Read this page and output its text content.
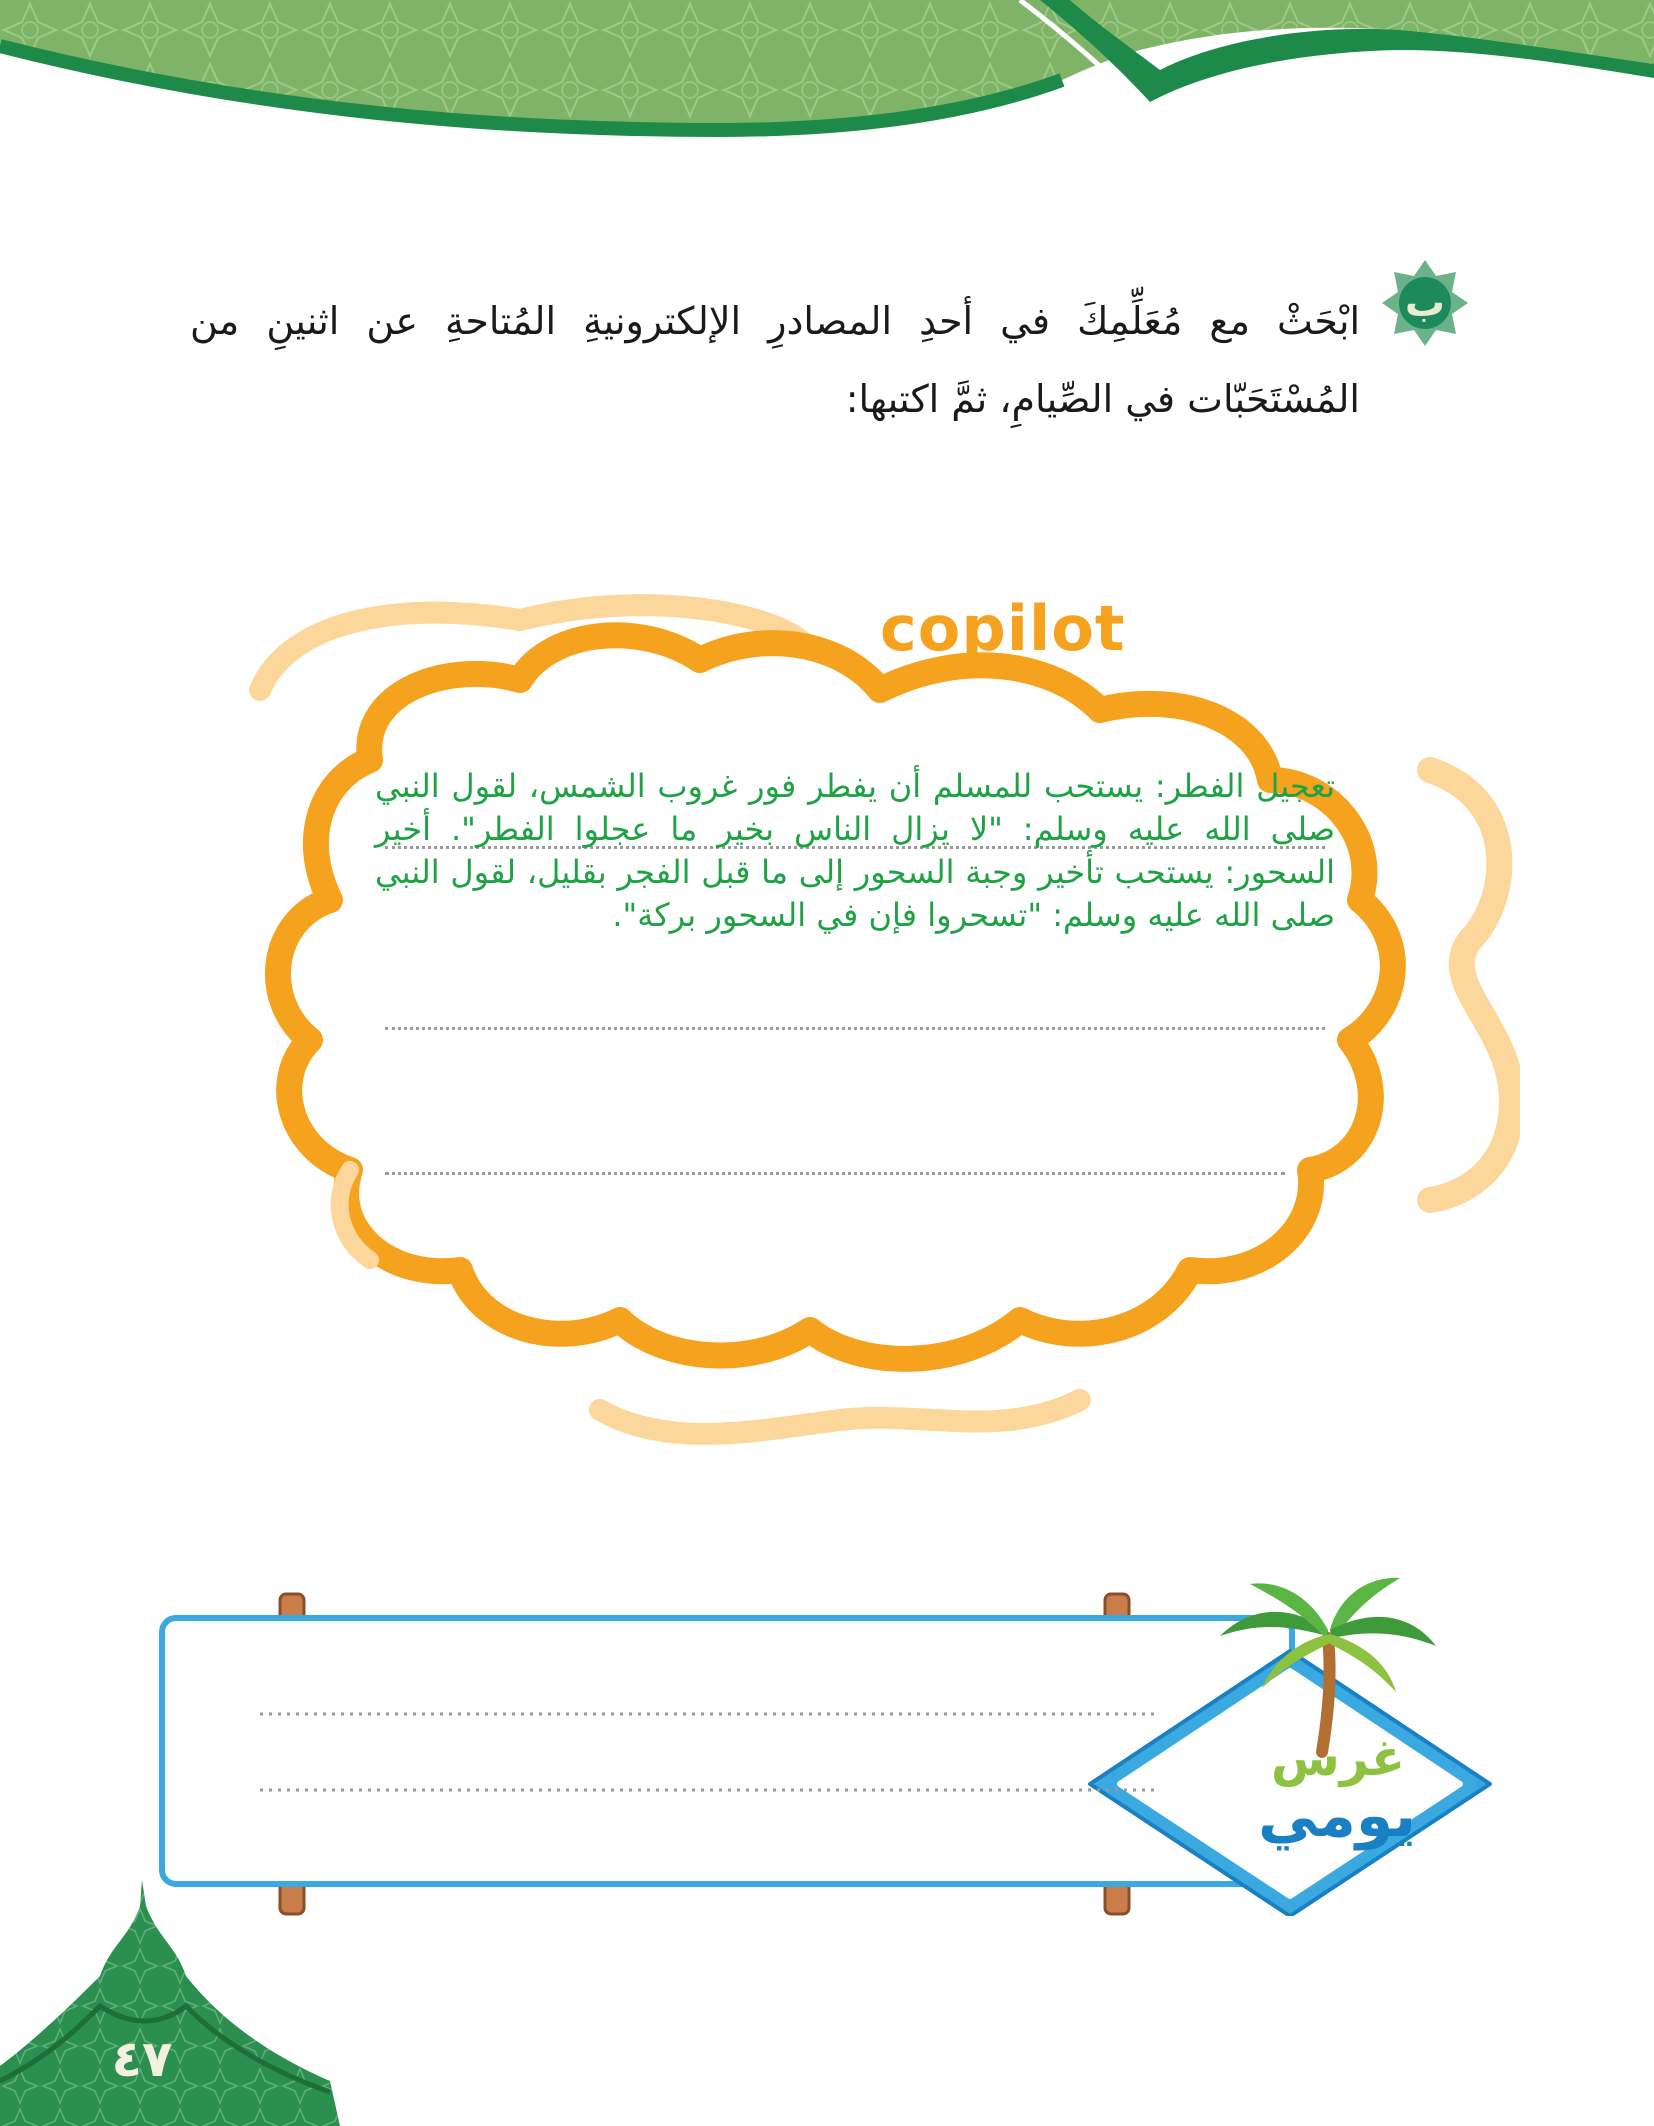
ب
ابْحَثْ مع مُعَلِّمِكَ في أحدِ المصادرِ الإلكترونيةِ المُتاحةِ عن اثنينِ من المُسْتَحَبّات في الصِّيامِ، ثمَّ اكتبها:
copilot
تعجيل الفطر: يستحب للمسلم أن يفطر فور غروب الشمس، لقول النبي صلى الله عليه وسلم: "لا يزال الناس بخير ما عجلوا الفطر". أخير السحور: يستحب تأخير وجبة السحور إلى ما قبل الفجر بقليل، لقول النبي صلى الله عليه وسلم: "تسحروا فإن في السحور بركة".
غرس
يومي
٤٧
